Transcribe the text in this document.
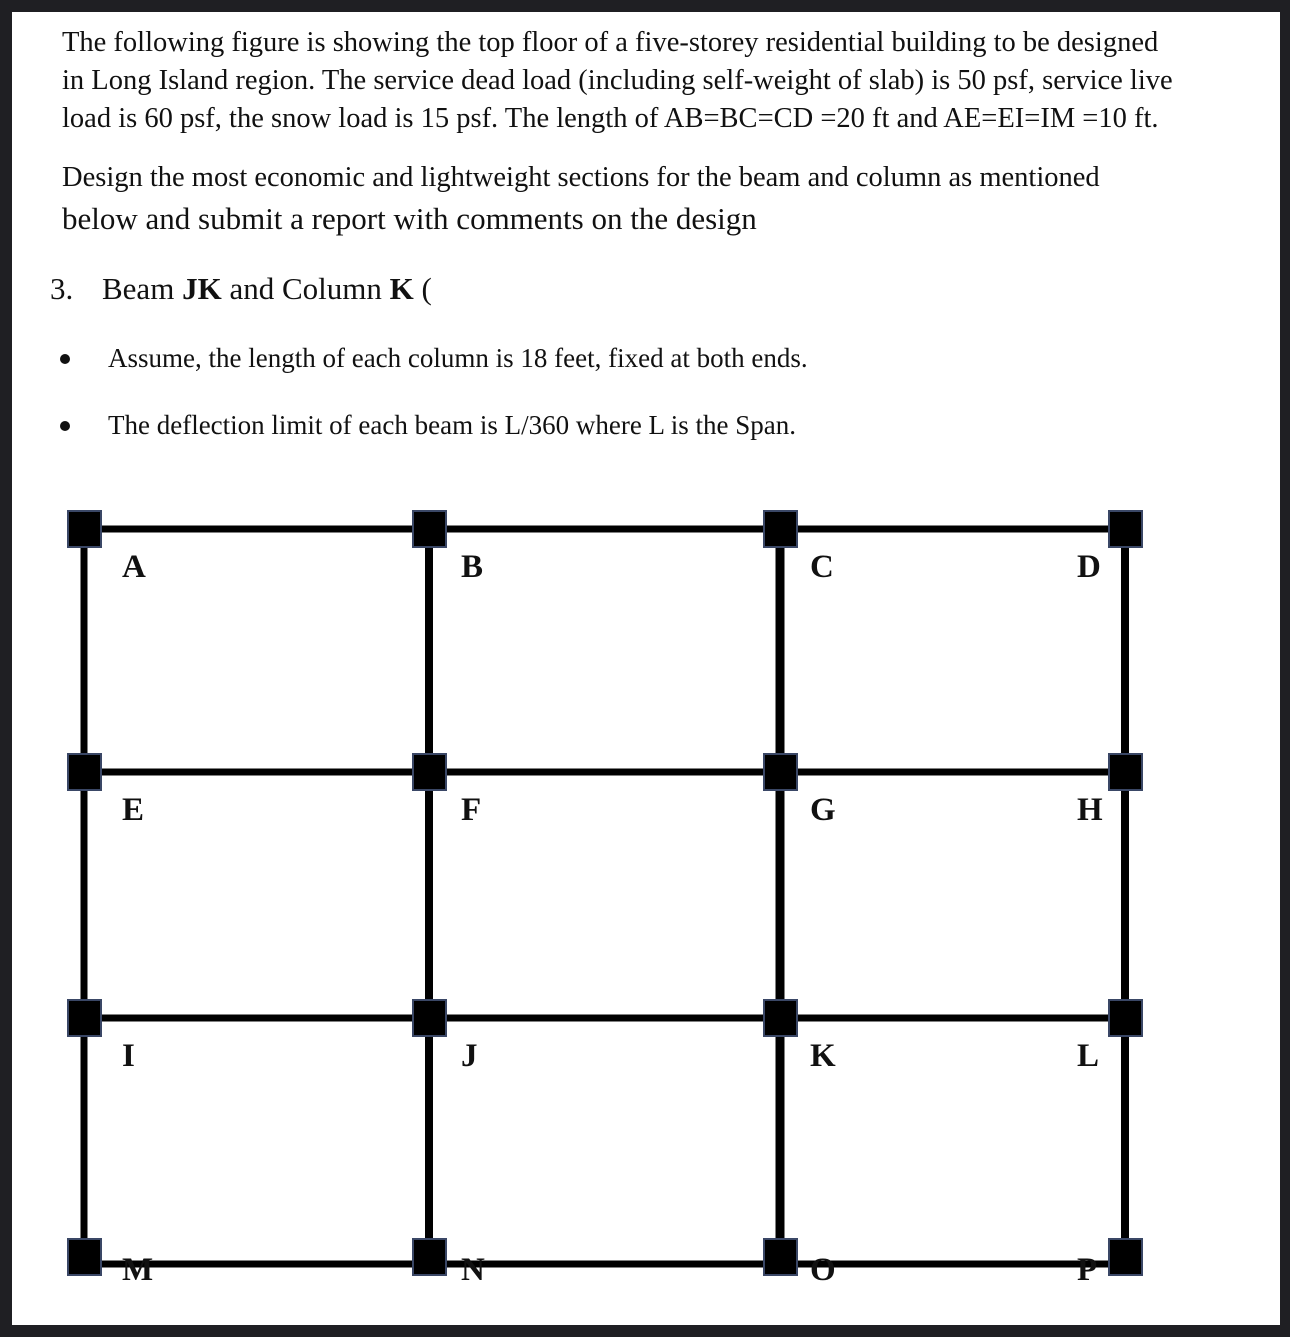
The following figure is showing the top floor of a five-storey residential building to be designed
in Long Island region. The service dead load (including self-weight of slab) is 50 psf, service live
load is 60 psf, the snow load is 15 psf. The length of AB=BC=CD =20 ft and AE=EI=IM =10 ft.
Design the most economic and lightweight sections for the beam and column as mentioned
below and submit a report with comments on the design
3. Beam JK and Column K (
Assume, the length of each column is 18 feet, fixed at both ends.
The deflection limit of each beam is L/360 where L is the Span.
A	B	C	D
E	F	G	H
I	J	K	L
M	N	O	P
